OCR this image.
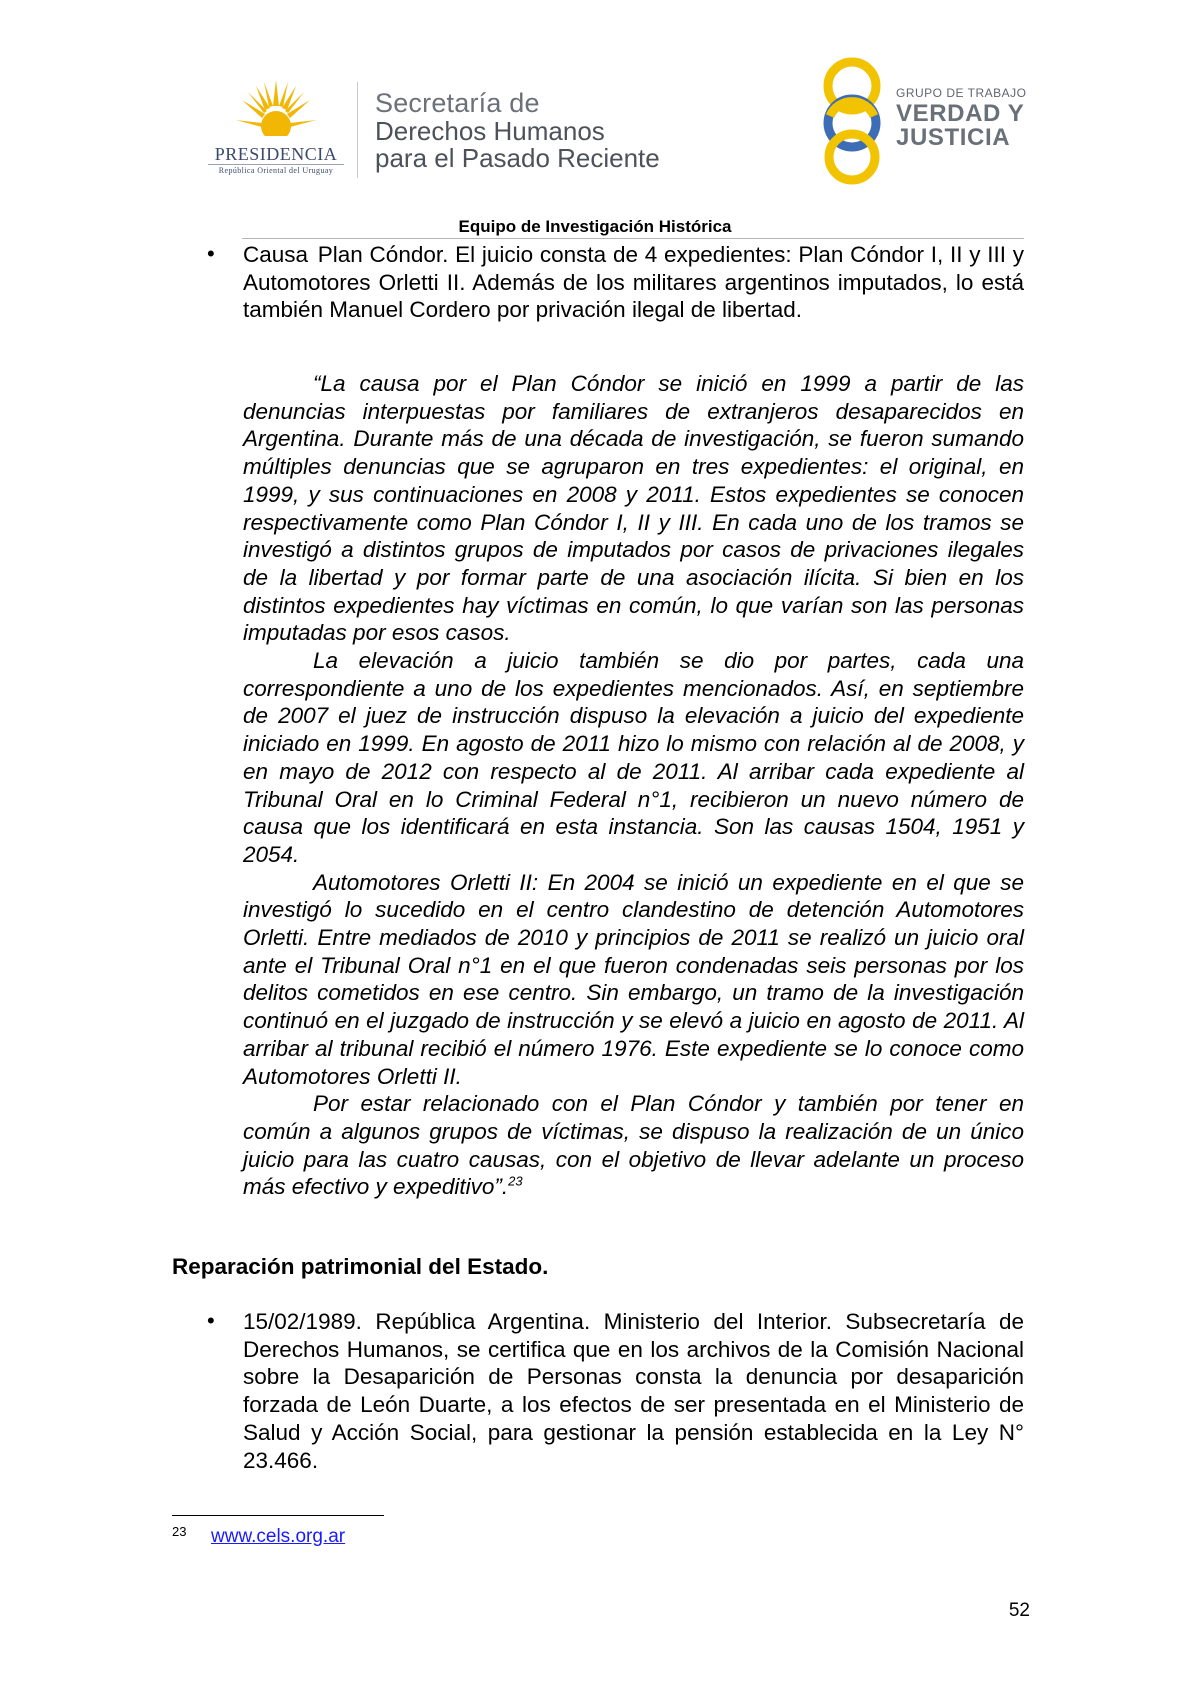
PRESIDENCIA
República Oriental del Uruguay
Secretaría de
Derechos Humanos
para el Pasado Reciente
GRUPO DE TRABAJO
VERDAD Y
JUSTICIA
Equipo de Investigación Histórica
• Causa Plan Cóndor. El juicio consta de 4 expedientes: Plan Cóndor I, II y III y Automotores Orletti II. Además de los militares argentinos imputados, lo está también Manuel Cordero por privación ilegal de libertad.

“La causa por el Plan Cóndor se inició en 1999 a partir de las denuncias interpuestas por familiares de extranjeros desaparecidos en Argentina. Durante más de una década de investigación, se fueron sumando múltiples denuncias que se agruparon en tres expedientes: el original, en 1999, y sus continuaciones en 2008 y 2011. Estos expedientes se conocen respectivamente como Plan Cóndor I, II y III. En cada uno de los tramos se investigó a distintos grupos de imputados por casos de privaciones ilegales de la libertad y por formar parte de una asociación ilícita. Si bien en los distintos expedientes hay víctimas en común, lo que varían son las personas imputadas por esos casos.

La elevación a juicio también se dio por partes, cada una correspondiente a uno de los expedientes mencionados. Así, en septiembre de 2007 el juez de instrucción dispuso la elevación a juicio del expediente iniciado en 1999. En agosto de 2011 hizo lo mismo con relación al de 2008, y en mayo de 2012 con respecto al de 2011. Al arribar cada expediente al Tribunal Oral en lo Criminal Federal n°1, recibieron un nuevo número de causa que los identificará en esta instancia. Son las causas 1504, 1951 y 2054.

Automotores Orletti II: En 2004 se inició un expediente en el que se investigó lo sucedido en el centro clandestino de detención Automotores Orletti. Entre mediados de 2010 y principios de 2011 se realizó un juicio oral ante el Tribunal Oral n°1 en el que fueron condenadas seis personas por los delitos cometidos en ese centro. Sin embargo, un tramo de la investigación continuó en el juzgado de instrucción y se elevó a juicio en agosto de 2011. Al arribar al tribunal recibió el número 1976. Este expediente se lo conoce como Automotores Orletti II.

Por estar relacionado con el Plan Cóndor y también por tener en común a algunos grupos de víctimas, se dispuso la realización de un único juicio para las cuatro causas, con el objetivo de llevar adelante un proceso más efectivo y expeditivo”.$^{23}$

Reparación patrimonial del Estado.
• 15/02/1989. República Argentina. Ministerio del Interior. Subsecretaría de Derechos Humanos, se certifica que en los archivos de la Comisión Nacional sobre la Desaparición de Personas consta la denuncia por desaparición forzada de León Duarte, a los efectos de ser presentada en el Ministerio de Salud y Acción Social, para gestionar la pensión establecida en la Ley N° 23.466.
23 www.cels.org.ar
52
